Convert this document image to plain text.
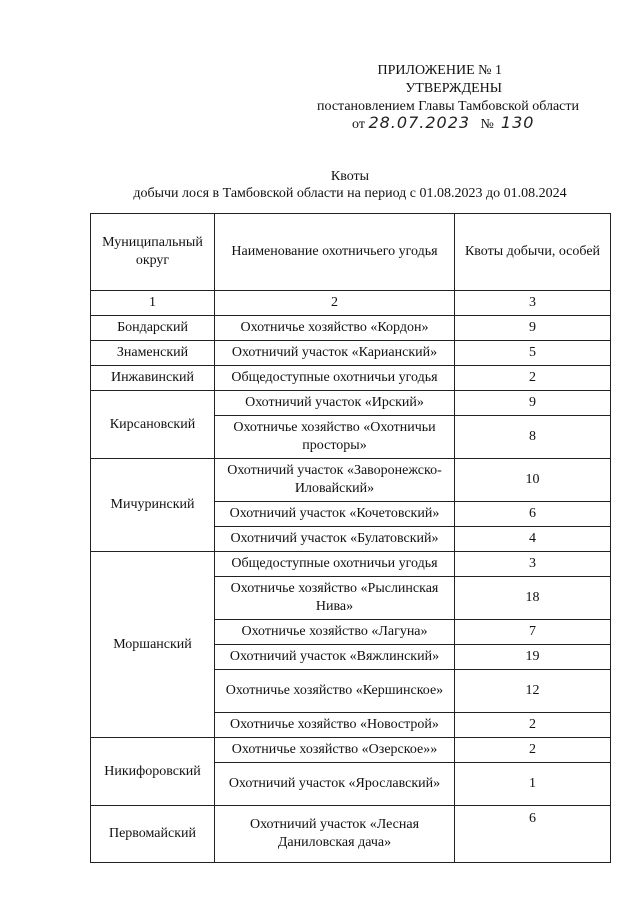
ПРИЛОЖЕНИЕ № 1
УТВЕРЖДЕНЫ
постановлением Главы Тамбовской области
от 28.07.2023 № 130
Квоты
добычи лося в Тамбовской области на период с 01.08.2023 до 01.08.2024
Муниципальный округ	Наименование охотничьего угодья	Квоты добычи, особей
1	2	3
Бондарский	Охотничье хозяйство «Кордон»	9
Знаменский	Охотничий участок «Карианский»	5
Инжавинский	Общедоступные охотничьи угодья	2
Кирсановский	Охотничий участок «Ирский»	9
	Охотничье хозяйство «Охотничьи просторы»	8
Мичуринский	Охотничий участок «Заворонежско-Иловайский»	10
	Охотничий участок «Кочетовский»	6
	Охотничий участок «Булатовский»	4
Моршанский	Общедоступные охотничьи угодья	3
	Охотничье хозяйство «Рыслинская Нива»	18
	Охотничье хозяйство «Лагуна»	7
	Охотничий участок «Вяжлинский»	19
	Охотничье хозяйство «Кершинское»	12
	Охотничье хозяйство «Новострой»	2
Никифоровский	Охотничье хозяйство «Озерское»»	2
	Охотничий участок «Ярославский»	1
Первомайский	Охотничий участок «Лесная Даниловская дача»	6
